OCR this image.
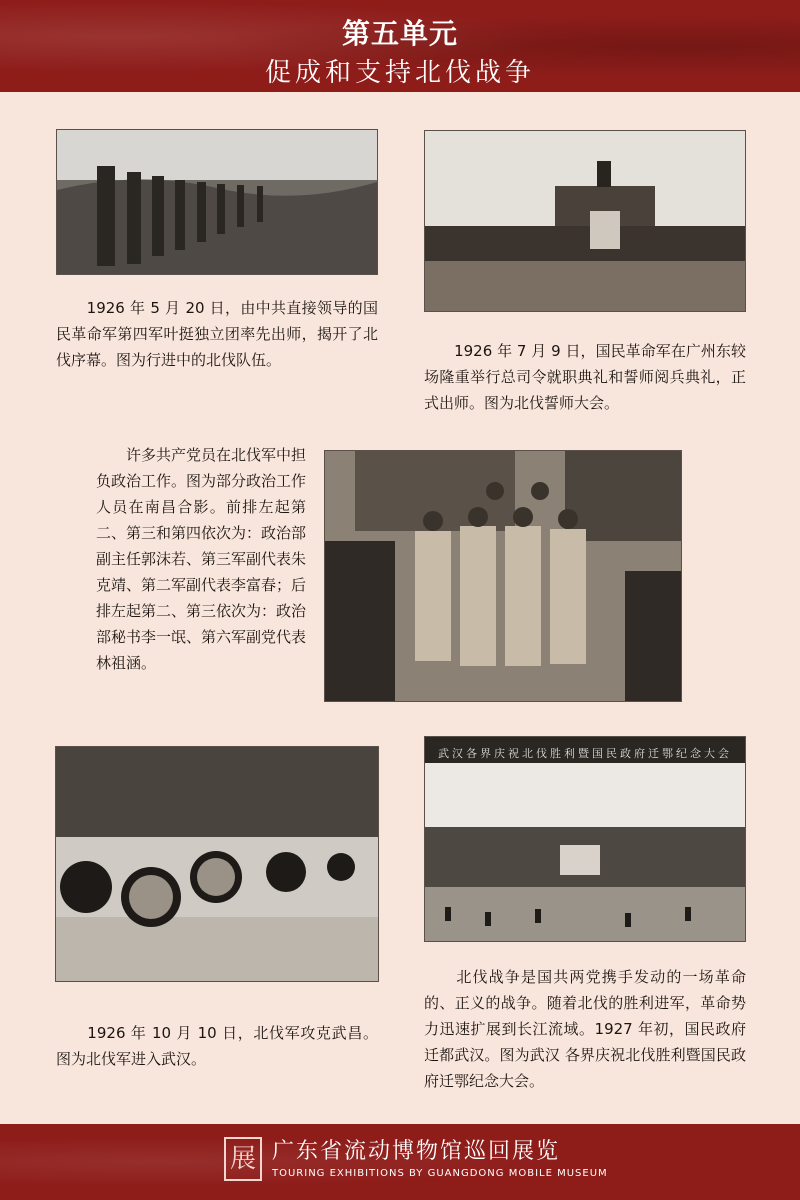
第五单元
促成和支持北伐战争
　　1926 年 5 月 20 日，由中共直接领导的国民革命军第四军叶挺独立团率先出师，揭开了北伐序幕。图为行进中的北伐队伍。	　　1926 年 7 月 9 日，国民革命军在广州东较场隆重举行总司令就职典礼和誓师阅兵典礼，正式出师。图为北伐誓师大会。
　　许多共产党员在北伐军中担负政治工作。图为部分政治工作人员在南昌合影。前排左起第二、第三和第四依次为：政治部副主任郭沫若、第三军副代表朱克靖、第二军副代表李富春；后排左起第二、第三依次为：政治部秘书李一氓、第六军副党代表林祖涵。
　　1926 年 10 月 10 日，北伐军攻克武昌。图为北伐军进入武汉。
武汉各界庆祝北伐胜利暨国民政府迁鄂纪念大会
　　北伐战争是国共两党携手发动的一场革命的、正义的战争。随着北伐的胜利进军，革命势力迅速扩展到长江流域。1927 年初，国民政府迁都武汉。图为武汉 各界庆祝北伐胜利暨国民政府迁鄂纪念大会。
展 广东省流动博物馆巡回展览
TOURING EXHIBITIONS BY GUANGDONG MOBILE MUSEUM
